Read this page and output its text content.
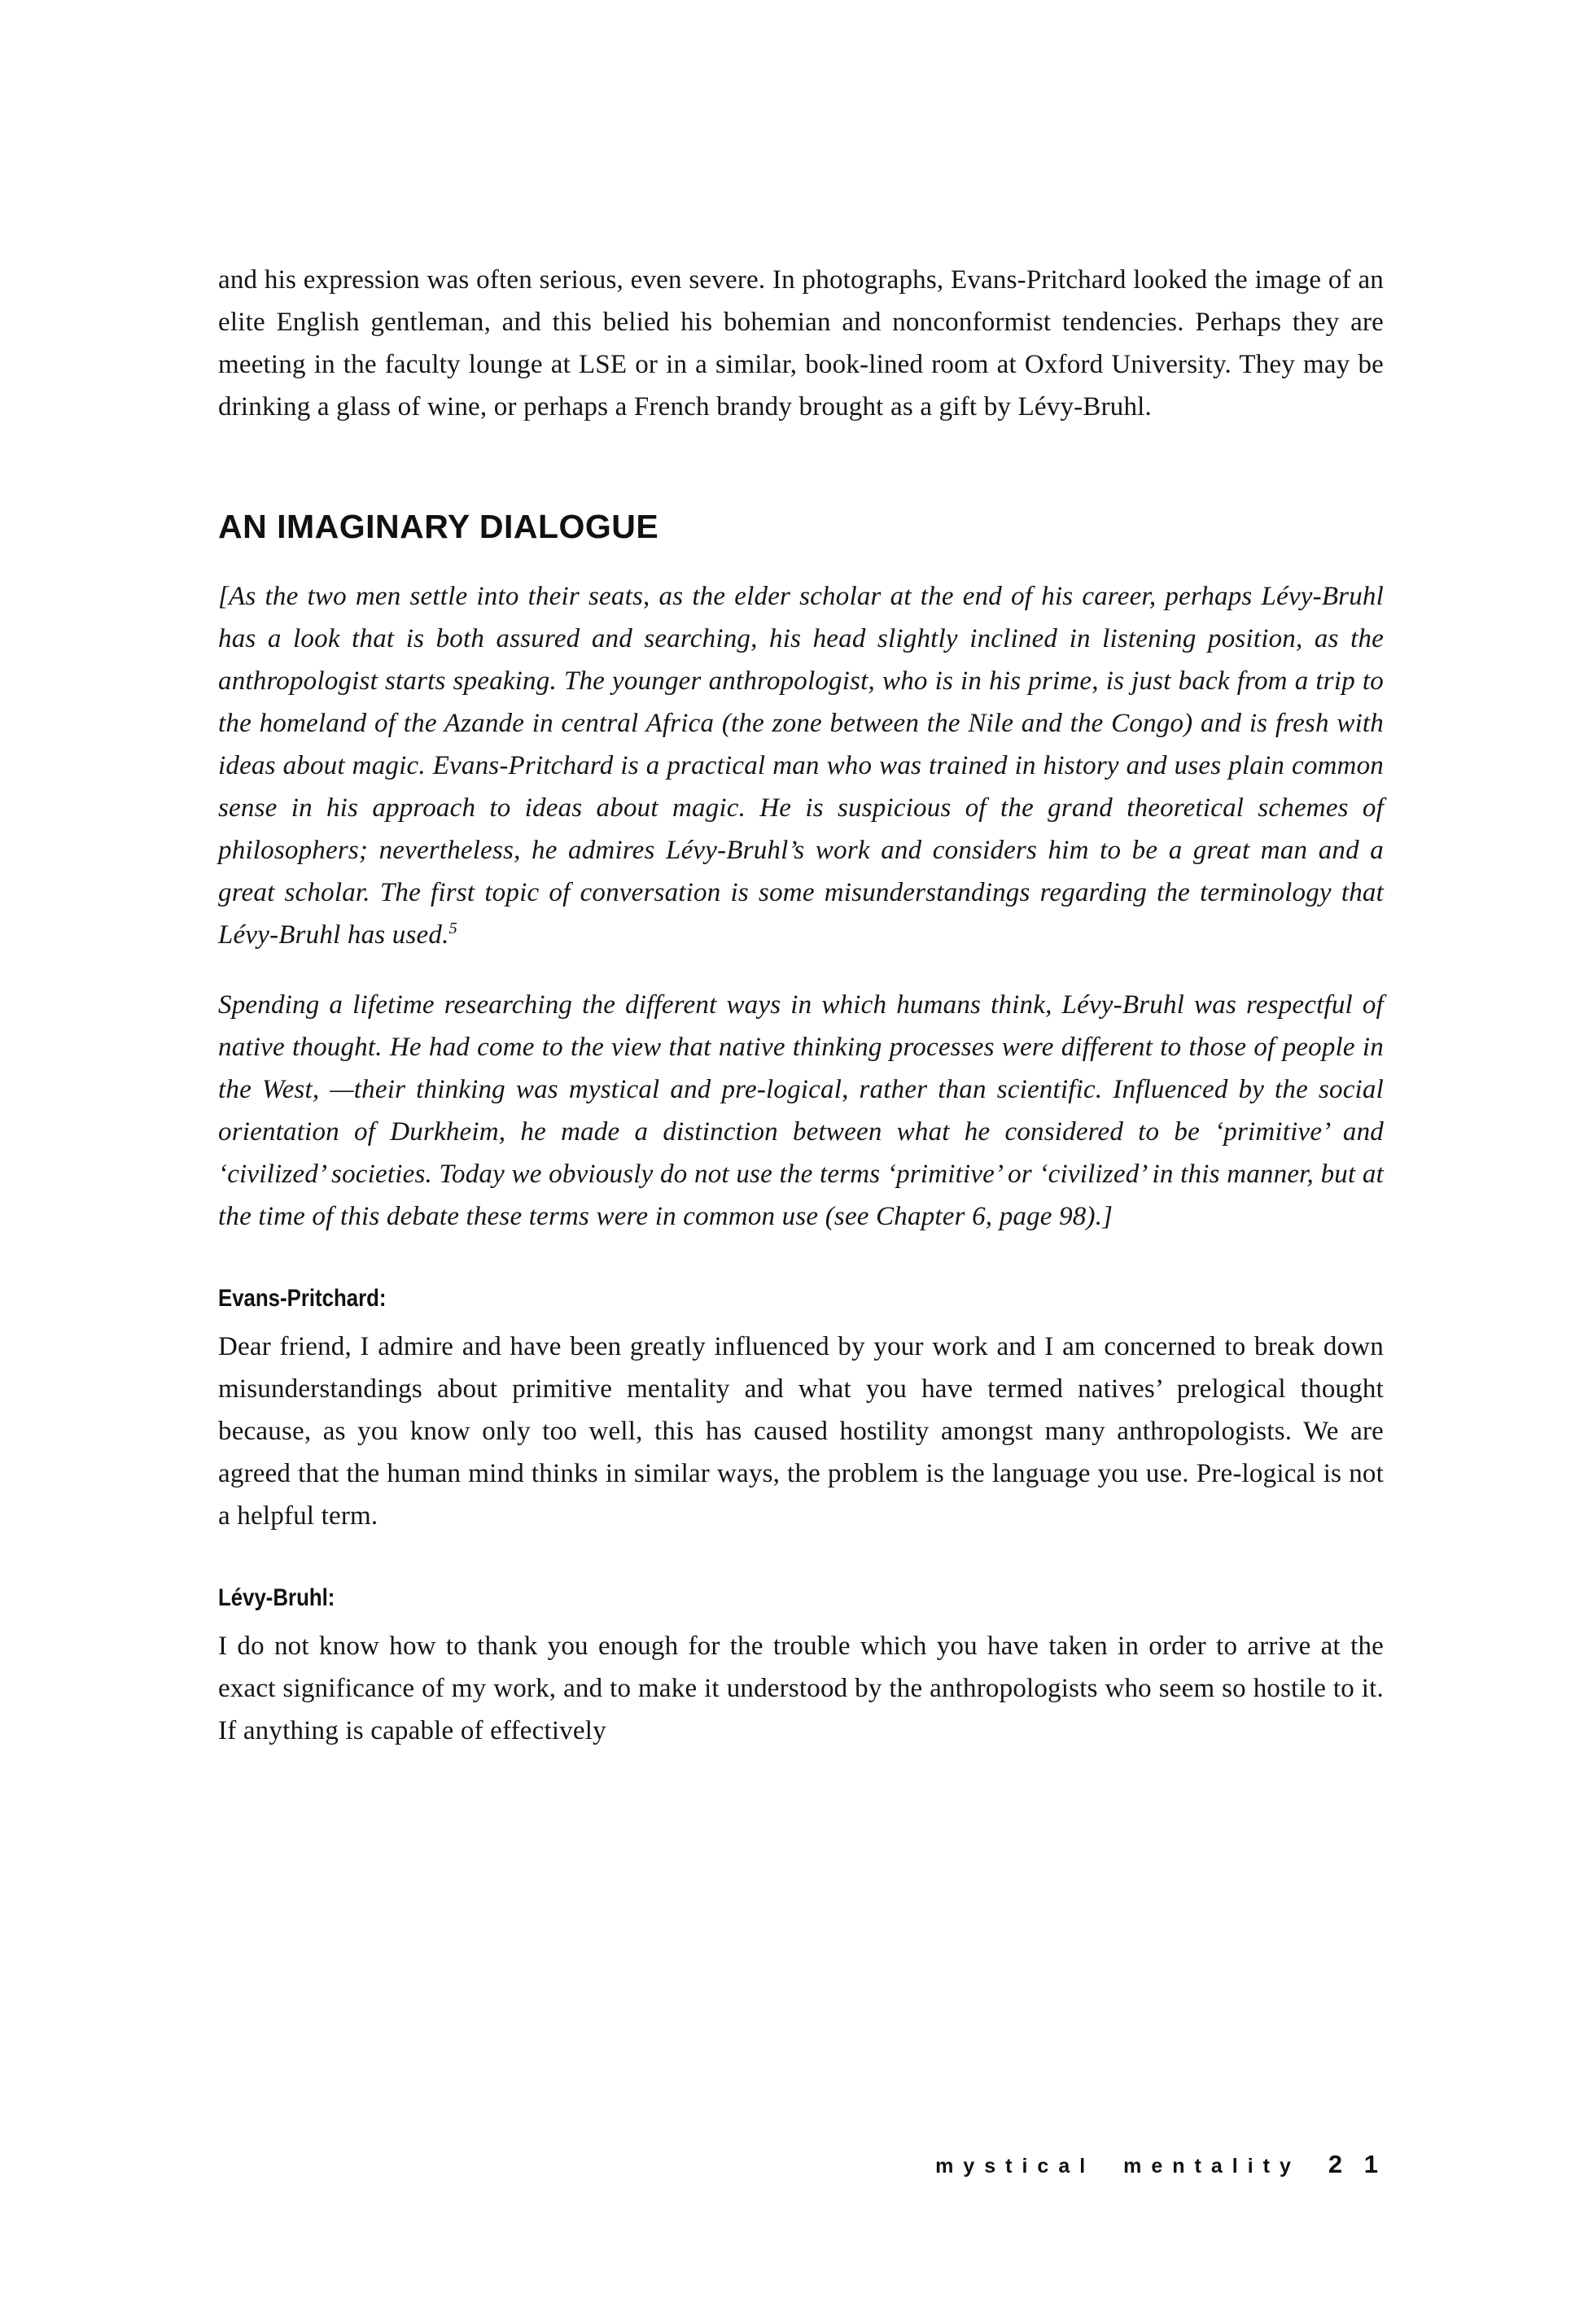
and his expression was often serious, even severe. In photographs, Evans-Pritchard looked the image of an elite English gentleman, and this belied his bohemian and nonconformist tendencies. Perhaps they are meeting in the faculty lounge at LSE or in a similar, book-lined room at Oxford University. They may be drinking a glass of wine, or perhaps a French brandy brought as a gift by Lévy-Bruhl.

AN IMAGINARY DIALOGUE

[As the two men settle into their seats, as the elder scholar at the end of his career, perhaps Lévy-Bruhl has a look that is both assured and searching, his head slightly inclined in listening position, as the anthropologist starts speaking. The younger anthropologist, who is in his prime, is just back from a trip to the homeland of the Azande in central Africa (the zone between the Nile and the Congo) and is fresh with ideas about magic. Evans-Pritchard is a practical man who was trained in history and uses plain common sense in his approach to ideas about magic. He is suspicious of the grand theoretical schemes of philosophers; nevertheless, he admires Lévy-Bruhl’s work and considers him to be a great man and a great scholar. The first topic of conversation is some misunderstandings regarding the terminology that Lévy-Bruhl has used.$^5$

Spending a lifetime researching the different ways in which humans think, Lévy-Bruhl was respectful of native thought. He had come to the view that native thinking processes were different to those of people in the West, —their thinking was mystical and pre-logical, rather than scientific. Influenced by the social orientation of Durkheim, he made a distinction between what he considered to be ‘primitive’ and ‘civilized’ societies. Today we obviously do not use the terms ‘primitive’ or ‘civilized’ in this manner, but at the time of this debate these terms were in common use (see Chapter 6, page 98).]

Evans-Pritchard:

Dear friend, I admire and have been greatly influenced by your work and I am concerned to break down misunderstandings about primitive mentality and what you have termed natives’ prelogical thought because, as you know only too well, this has caused hostility amongst many anthropologists. We are agreed that the human mind thinks in similar ways, the problem is the language you use. Pre-logical is not a helpful term.

Lévy-Bruhl:

I do not know how to thank you enough for the trouble which you have taken in order to arrive at the exact significance of my work, and to make it understood by the anthropologists who seem so hostile to it. If anything is capable of effectively

mystical mentality 2 1
